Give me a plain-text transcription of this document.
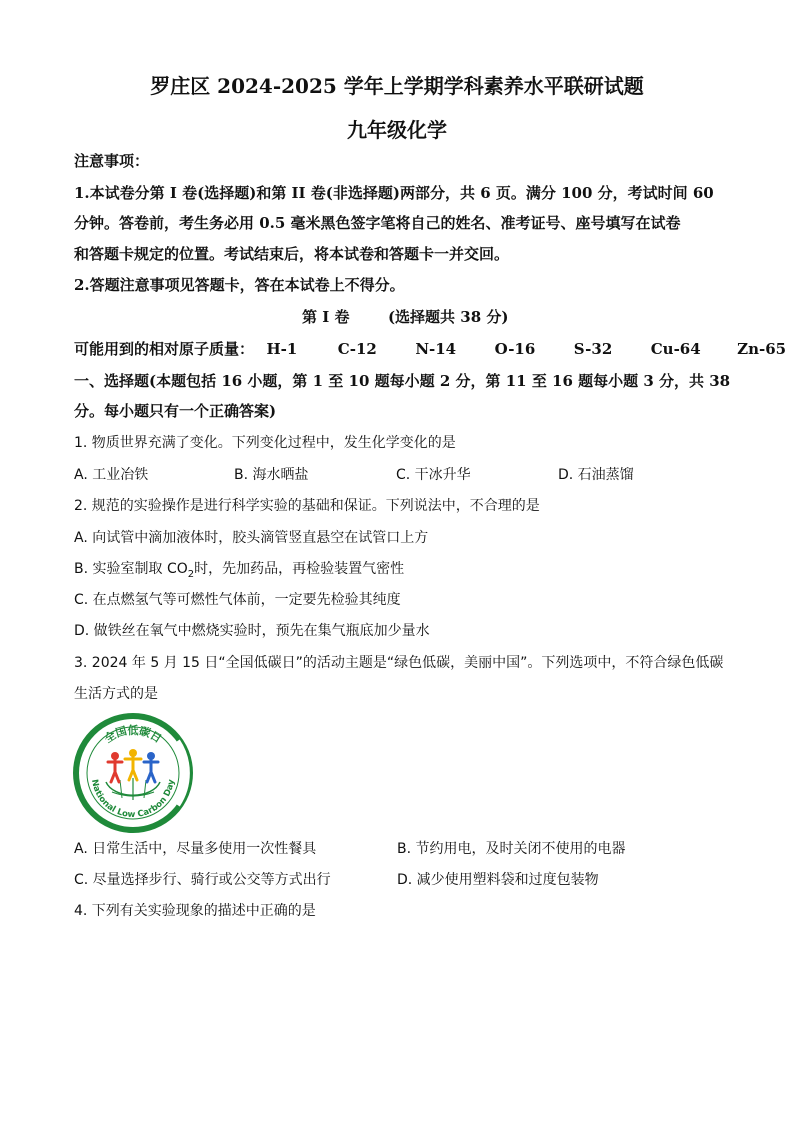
罗庄区 2024-2025 学年上学期学科素养水平联研试题
九年级化学
注意事项：
1.本试卷分第 I 卷(选择题)和第 II 卷(非选择题)两部分，共 6 页。满分 100 分，考试时间 60
分钟。答卷前，考生务必用 0.5 毫米黑色签字笔将自己的姓名、准考证号、座号填写在试卷
和答题卡规定的位置。考试结束后，将本试卷和答题卡一并交回。
2.答题注意事项见答题卡，答在本试卷上不得分。
第 I 卷	(选择题共 38 分)
可能用到的相对原子质量： H-1	C-12	N-14	O-16	S-32	Cu-64 Zn-65
一、选择题(本题包括 16 小题，第 1 至 10 题每小题 2 分，第 11 至 16 题每小题 3 分，共 38
分。每小题只有一个正确答案)
1. 物质世界充满了变化。下列变化过程中，发生化学变化的是
A. 工业冶铁	B. 海水晒盐	C. 干冰升华	D. 石油蒸馏
2. 规范的实验操作是进行科学实验的基础和保证。下列说法中，不合理的是
A. 向试管中滴加液体时，胶头滴管竖直悬空在试管口上方
B. 实验室制取 $CO_2$时，先加药品，再检验装置气密性
C. 在点燃氢气等可燃性气体前，一定要先检验其纯度
D. 做铁丝在氧气中燃烧实验时，预先在集气瓶底加少量水
3. 2024 年 5 月 15 日“全国低碳日”的活动主题是“绿色低碳，美丽中国”。下列选项中，不符合绿色低碳
生活方式的是
全国低碳日
National Low Carbon Day
A. 日常生活中，尽量多使用一次性餐具	B. 节约用电，及时关闭不使用的电器
C. 尽量选择步行、骑行或公交等方式出行	D. 减少使用塑料袋和过度包装物
4. 下列有关实验现象的描述中正确的是
